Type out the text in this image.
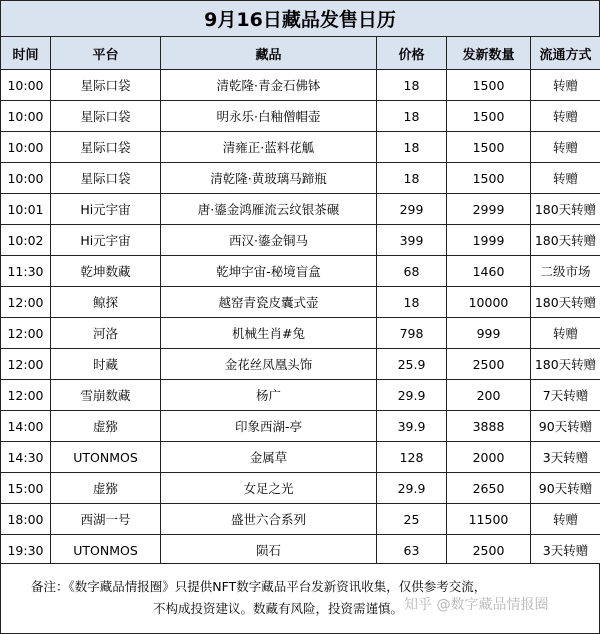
9月16日藏品发售日历
时间	平台	藏品	价格	发新数量	流通方式
10:00	星际口袋	清乾隆·青金石佛钵	18	1500	转赠
10:00	星际口袋	明永乐·白釉僧帽壶	18	1500	转赠
10:00	星际口袋	清雍正·蓝料花觚	18	1500	转赠
10:00	星际口袋	清乾隆·黄玻璃马蹄瓶	18	1500	转赠
10:01	Hi元宇宙	唐·鎏金鸿雁流云纹银茶碾	299	2999	180天转赠
10:02	Hi元宇宙	西汉·鎏金铜马	399	1999	180天转赠
11:30	乾坤数藏	乾坤宇宙-秘境盲盒	68	1460	二级市场
12:00	鲸探	越窑青瓷皮囊式壶	18	10000	180天转赠
12:00	河洛	机械生肖#兔	798	999	转赠
12:00	时藏	金花丝凤凰头饰	25.9	2500	180天转赠
12:00	雪崩数藏	杨广	29.9	200	7天转赠
14:00	虚猕	印象西湖-亭	39.9	3888	90天转赠
14:30	UTONMOS	金属草	128	2000	3天转赠
15:00	虚猕	女足之光	29.9	2650	90天转赠
18:00	西湖一号	盛世六合系列	25	11500	转赠
19:30	UTONMOS	陨石	63	2500	3天转赠
备注：《数字藏品情报圈》只提供NFT数字藏品平台发新资讯收集，仅供参考交流，
不构成投资建议。数藏有风险，投资需谨慎。 知乎 @数字藏品情报圈
